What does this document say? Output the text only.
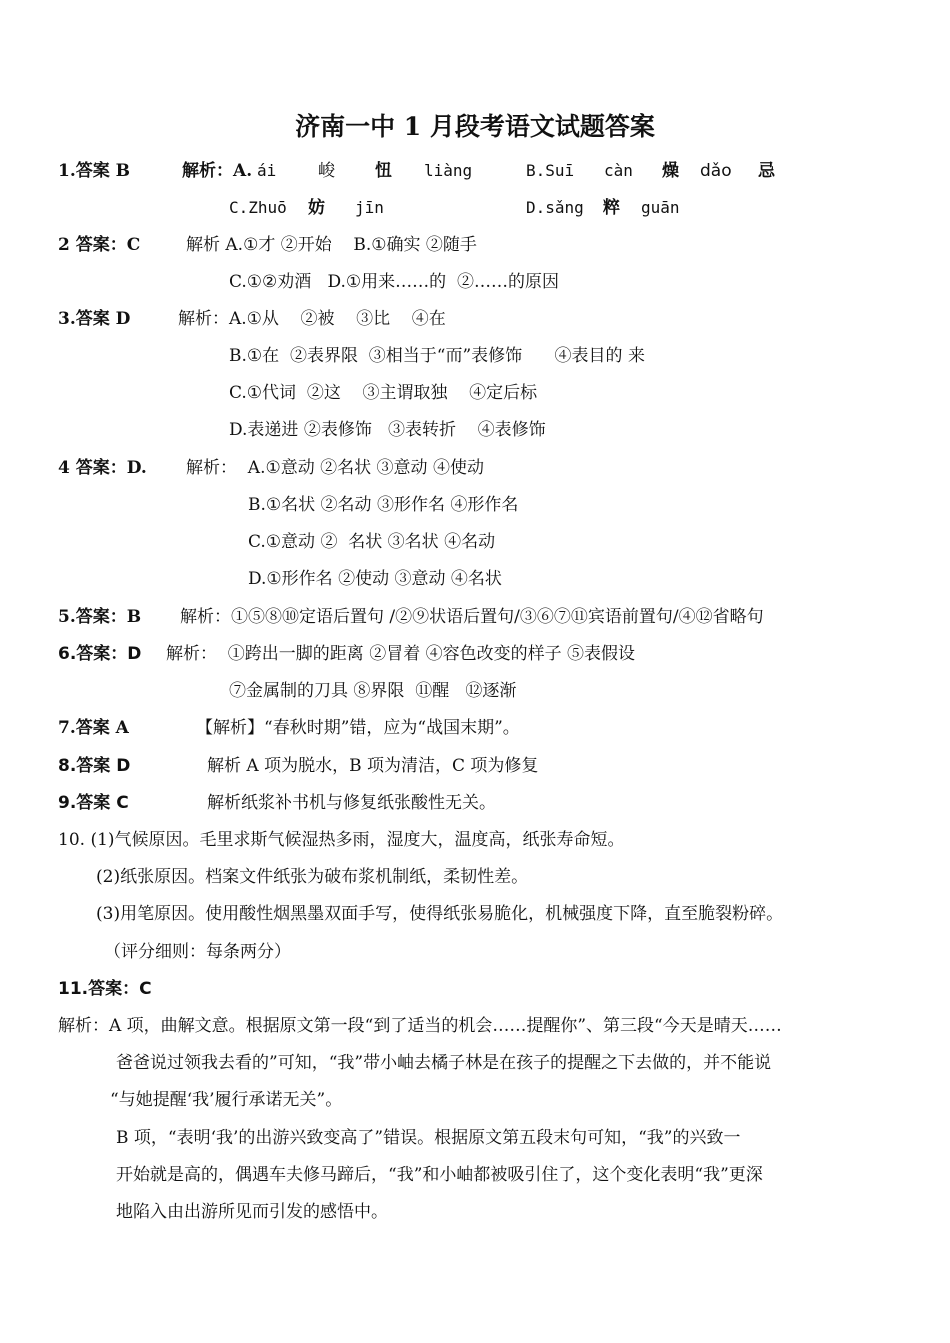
济南一中 1 月段考语文试题答案
1.答案 B	解析：A. ái 峻 忸 liàng	B.Suī càn 燥 dǎo 忌
C.Zhuō 妨 jīn	D.sǎng 粹 guān
2 答案：C	解析 A.①才 ②开始    B.①确实 ②随手
C.①②劝酒   D.①用来……的  ②……的原因
3.答案 D	解析：A.①从    ②被    ③比    ④在
B.①在  ②表界限  ③相当于“而”表修饰      ④表目的 来
C.①代词  ②这    ③主谓取独    ④定后标
D.表递进 ②表修饰   ③表转折    ④表修饰
4 答案：D. 解析：  A.①意动 ②名状 ③意动 ④使动
B.①名状 ②名动 ③形作名 ④形作名
C.①意动 ②  名状 ③名状 ④名动
D.①形作名 ②使动 ③意动 ④名状
5.答案：B 解析：①⑤⑧⑩定语后置句 /②⑨状语后置句/③⑥⑦⑪宾语前置句/④⑫省略句
6.答案：D 解析：  ①跨出一脚的距离 ②冒着 ④容色改变的样子 ⑤表假设
⑦金属制的刀具 ⑧界限  ⑪醒   ⑫逐渐
7.答案 A	【解析】“春秋时期”错，应为“战国末期”。
8.答案 D	解析 A 项为脱水，B 项为清洁，C 项为修复
9.答案 C	解析纸浆补书机与修复纸张酸性无关。
10. (1)气候原因。毛里求斯气候湿热多雨，湿度大，温度高，纸张寿命短。
(2)纸张原因。档案文件纸张为破布浆机制纸，柔韧性差。
(3)用笔原因。使用酸性烟黑墨双面手写，使得纸张易脆化，机械强度下降，直至脆裂粉碎。
（评分细则：每条两分）
11.答案：C
解析：A 项，曲解文意。根据原文第一段“到了适当的机会……提醒你”、第三段“今天是晴天……
爸爸说过领我去看的”可知，“我”带小岫去橘子林是在孩子的提醒之下去做的，并不能说
“与她提醒‘我’履行承诺无关”。
B 项，“表明‘我’的出游兴致变高了”错误。根据原文第五段末句可知，“我”的兴致一
开始就是高的，偶遇车夫修马蹄后，“我”和小岫都被吸引住了，这个变化表明“我”更深
地陷入由出游所见而引发的感悟中。
